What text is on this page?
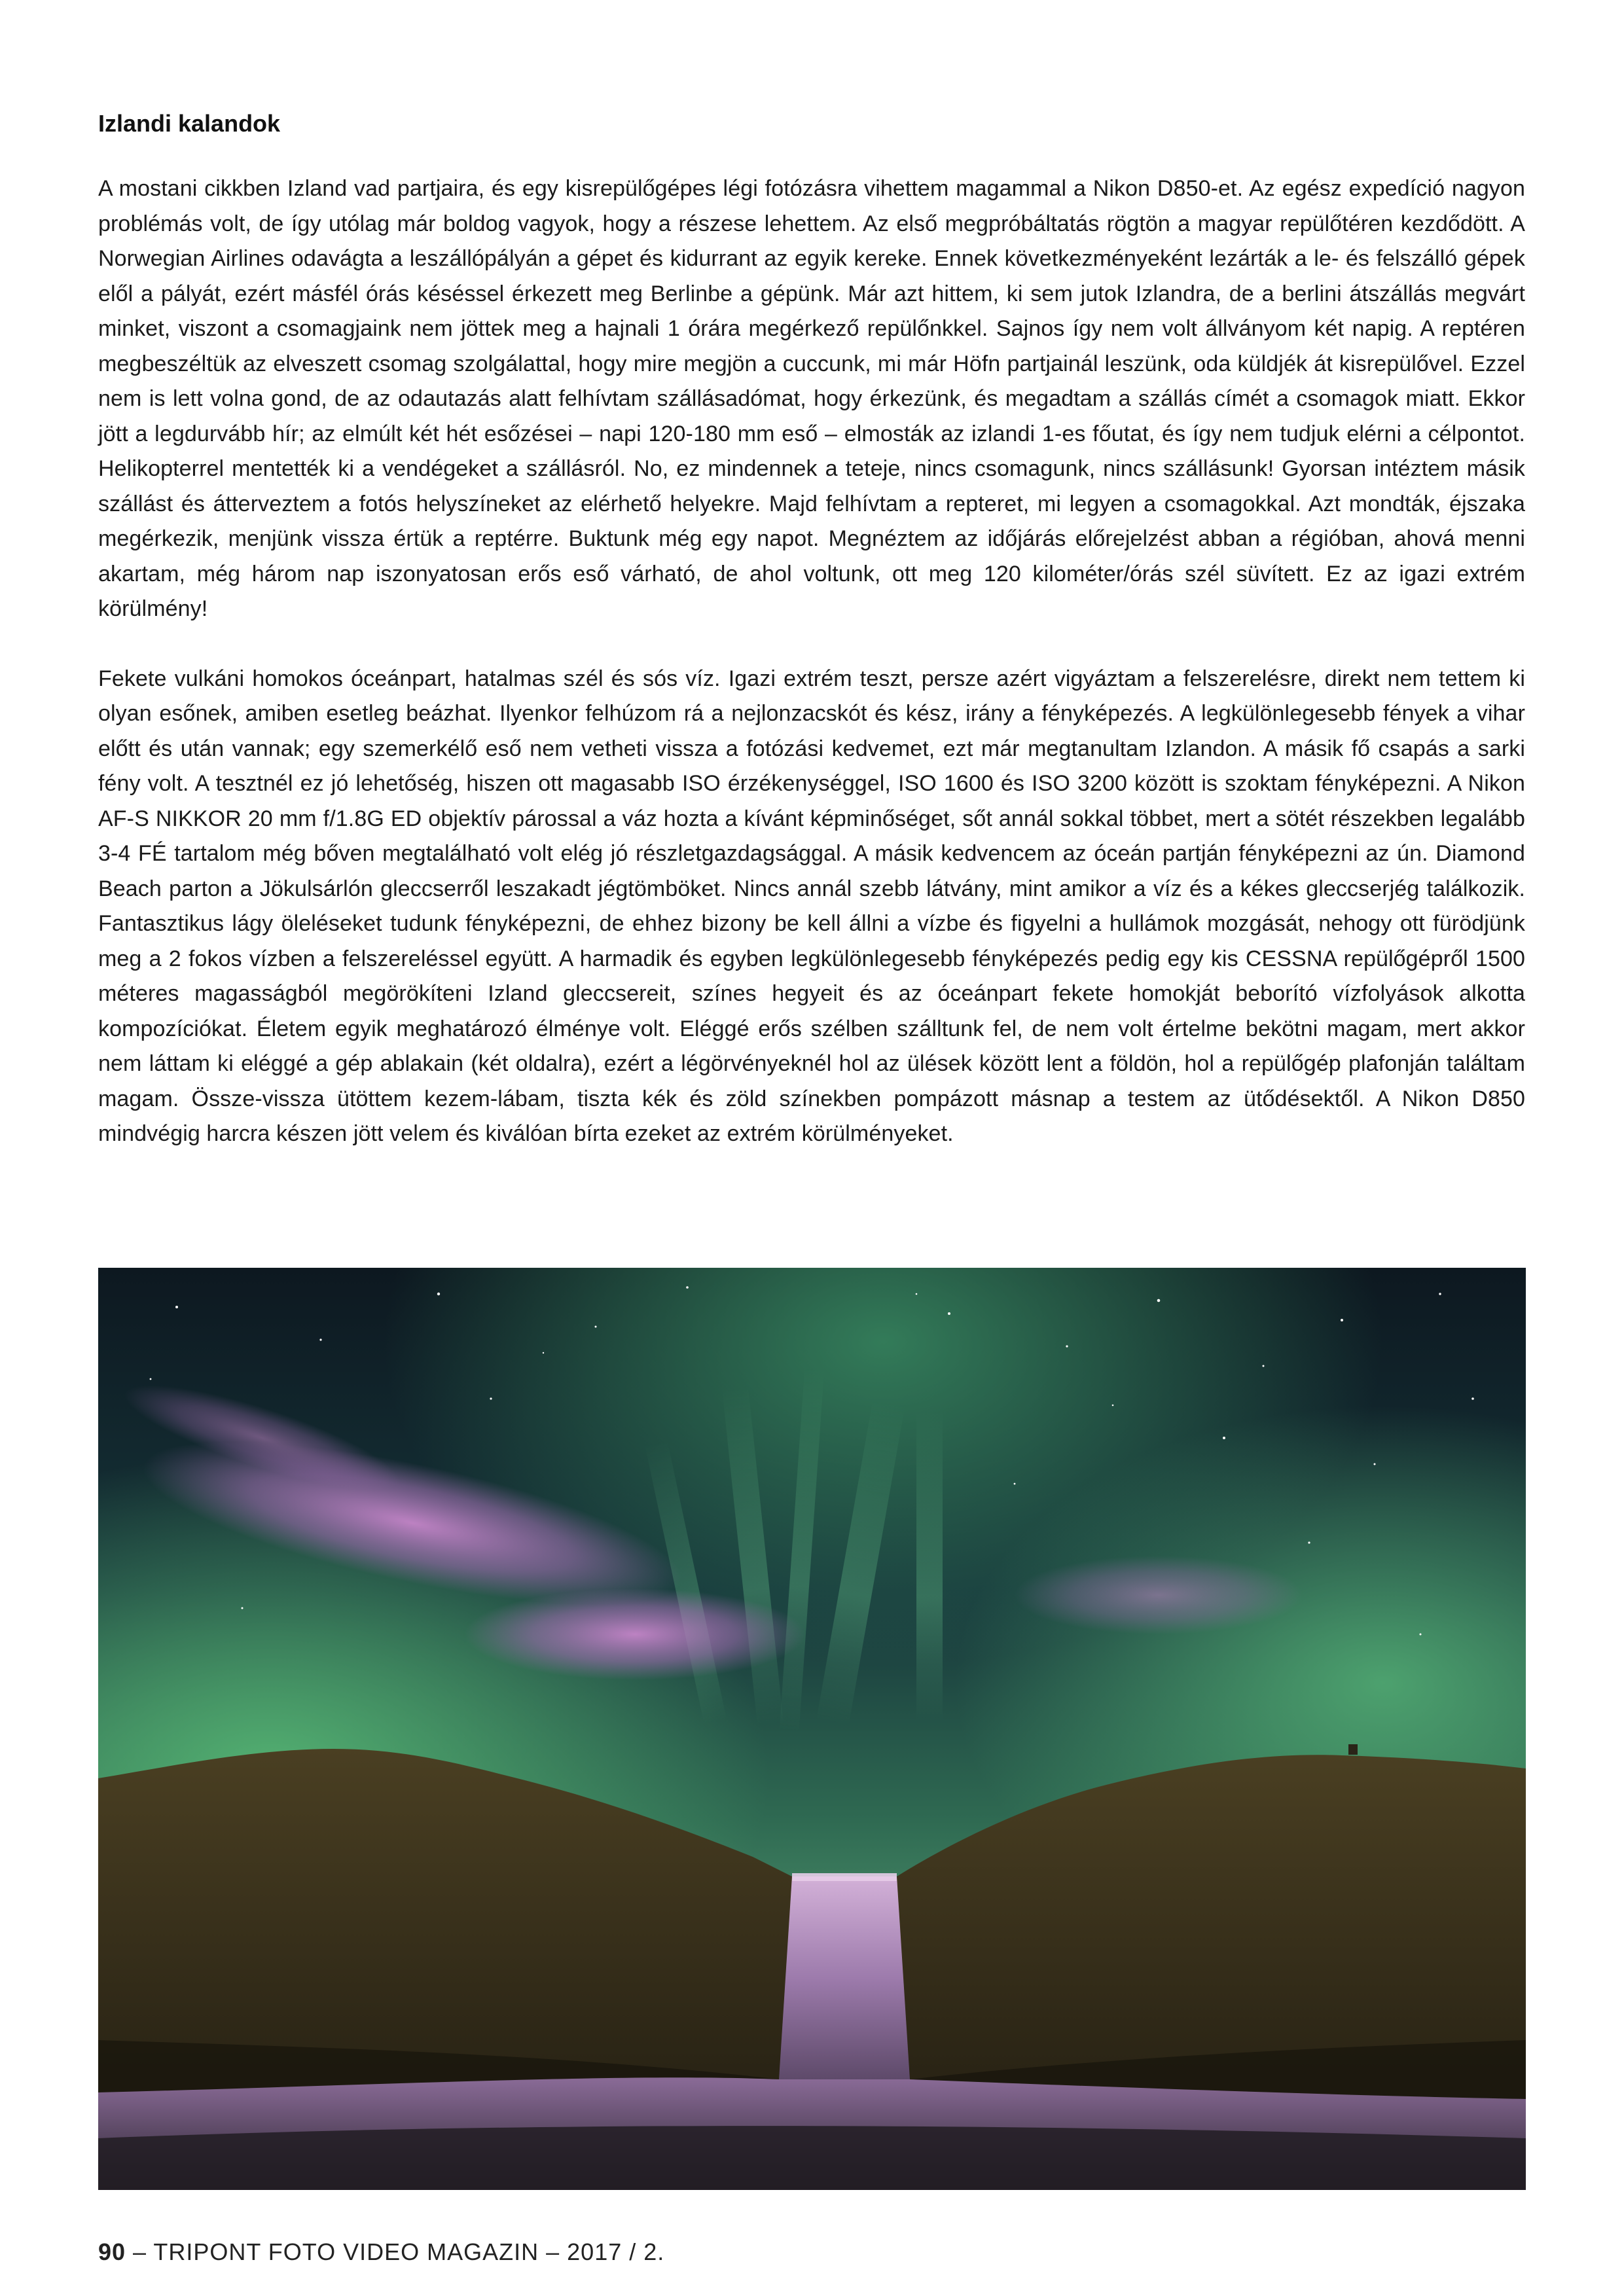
Izlandi kalandok

A mostani cikkben Izland vad partjaira, és egy kisrepülőgépes légi fotózásra vihettem magammal a Nikon D850-et. Az egész expedíció nagyon problémás volt, de így utólag már boldog vagyok, hogy a részese lehettem. Az első megpróbáltatás rögtön a magyar repülőtéren kezdődött. A Norwegian Airlines odavágta a leszállópályán a gépet és kidurrant az egyik kereke. Ennek következményeként lezárták a le- és felszálló gépek elől a pályát, ezért másfél órás késéssel érkezett meg Berlinbe a gépünk. Már azt hittem, ki sem jutok Izlandra, de a berlini átszállás megvárt minket, viszont a csomagjaink nem jöttek meg a hajnali 1 órára megérkező repülőnkkel. Sajnos így nem volt állványom két napig. A reptéren megbeszéltük az elveszett csomag szolgálattal, hogy mire megjön a cuccunk, mi már Höfn partjainál leszünk, oda küldjék át kisrepülővel. Ezzel nem is lett volna gond, de az odautazás alatt felhívtam szállásadómat, hogy érkezünk, és megadtam a szállás címét a csomagok miatt. Ekkor jött a legdurvább hír; az elmúlt két hét esőzései – napi 120-180 mm eső – elmosták az izlandi 1-es főutat, és így nem tudjuk elérni a célpontot. Helikopterrel mentették ki a vendégeket a szállásról. No, ez mindennek a teteje, nincs csomagunk, nincs szállásunk! Gyorsan intéztem másik szállást és átterveztem a fotós helyszíneket az elérhető helyekre. Majd felhívtam a repteret, mi legyen a csomagokkal. Azt mondták, éjszaka megérkezik, menjünk vissza értük a reptérre. Buktunk még egy napot. Megnéztem az időjárás előrejelzést abban a régióban, ahová menni akartam, még három nap iszonyatosan erős eső várható, de ahol voltunk, ott meg 120 kilométer/órás szél süvített. Ez az igazi extrém körülmény!

Fekete vulkáni homokos óceánpart, hatalmas szél és sós víz. Igazi extrém teszt, persze azért vigyáztam a felszerelésre, direkt nem tettem ki olyan esőnek, amiben esetleg beázhat. Ilyenkor felhúzom rá a nejlonzacskót és kész, irány a fényképezés. A legkülönlegesebb fények a vihar előtt és után vannak; egy szemerkélő eső nem vetheti vissza a fotózási kedvemet, ezt már megtanultam Izlandon. A másik fő csapás a sarki fény volt. A tesztnél ez jó lehetőség, hiszen ott magasabb ISO érzékenységgel, ISO 1600 és ISO 3200 között is szoktam fényképezni. A Nikon AF-S NIKKOR 20 mm f/1.8G ED objektív párossal a váz hozta a kívánt képminőséget, sőt annál sokkal többet, mert a sötét részekben legalább 3-4 FÉ tartalom még bőven megtalálható volt elég jó részletgazdagsággal. A másik kedvencem az óceán partján fényképezni az ún. Diamond Beach parton a Jökulsárlón gleccserről leszakadt jégtömböket. Nincs annál szebb látvány, mint amikor a víz és a kékes gleccserjég találkozik. Fantasztikus lágy öleléseket tudunk fényképezni, de ehhez bizony be kell állni a vízbe és figyelni a hullámok mozgását, nehogy ott fürödjünk meg a 2 fokos vízben a felszereléssel együtt. A harmadik és egyben legkülönlegesebb fényképezés pedig egy kis CESSNA repülőgépről 1500 méteres magasságból megörökíteni Izland gleccsereit, színes hegyeit és az óceánpart fekete homokját beborító vízfolyások alkotta kompozíciókat. Életem egyik meghatározó élménye volt. Eléggé erős szélben szálltunk fel, de nem volt értelme bekötni magam, mert akkor nem láttam ki eléggé a gép ablakain (két oldalra), ezért a légörvényeknél hol az ülések között lent a földön, hol a repülőgép plafonján találtam magam. Össze-vissza ütöttem kezem-lábam, tiszta kék és zöld színekben pompázott másnap a testem az ütődésektől. A Nikon D850 mindvégig harcra készen jött velem és kiválóan bírta ezeket az extrém körülményeket.

90 – TRIPONT FOTO VIDEO MAGAZIN – 2017 / 2.
